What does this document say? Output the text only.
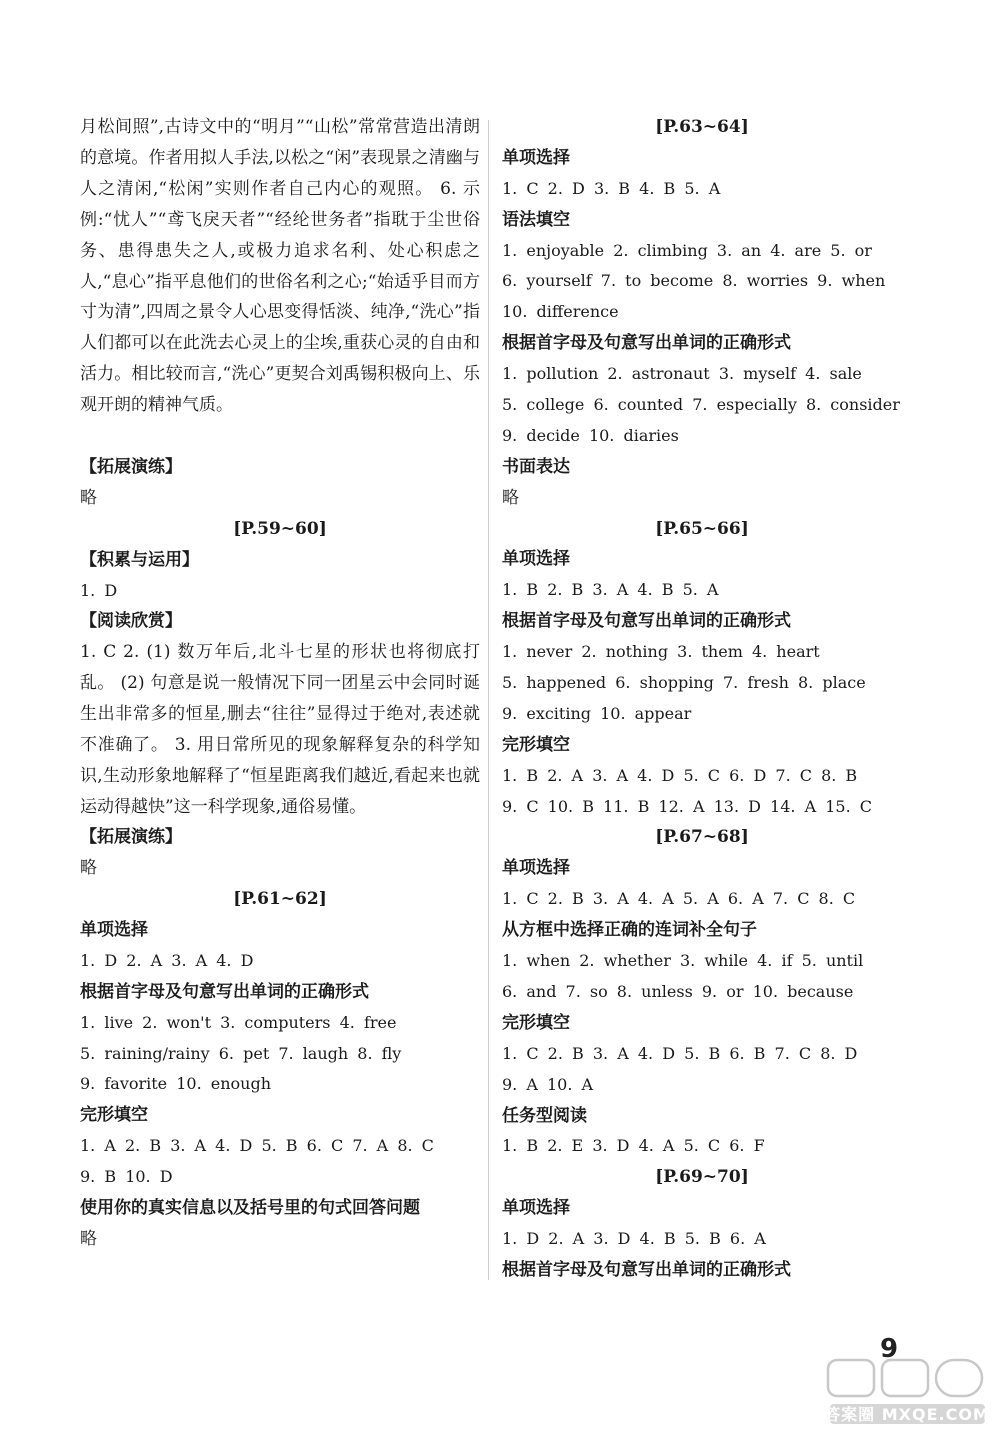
月松间照”,古诗文中的“明月”“山松”常常营造出清朗的意境。作者用拟人手法,以松之“闲”表现景之清幽与人之清闲,“松闲”实则作者自己内心的观照。 6. 示例:“忧人”“鸢飞戾天者”“经纶世务者”指耽于尘世俗务、患得患失之人,或极力追求名利、处心积虑之人,“息心”指平息他们的世俗名利之心;“始适乎目而方寸为清”,四周之景令人心思变得恬淡、纯净,“洗心”指人们都可以在此洗去心灵上的尘埃,重获心灵的自由和活力。相比较而言,“洗心”更契合刘禹锡积极向上、乐观开朗的精神气质。
【拓展演练】
略
[P.59~60]
【积累与运用】
1. D
【阅读欣赏】
1. C 2. (1) 数万年后,北斗七星的形状也将彻底打乱。 (2) 句意是说一般情况下同一团星云中会同时诞生出非常多的恒星,删去“往往”显得过于绝对,表述就不准确了。 3. 用日常所见的现象解释复杂的科学知识,生动形象地解释了“恒星距离我们越近,看起来也就运动得越快”这一科学现象,通俗易懂。
【拓展演练】
略
[P.61~62]
单项选择
1. D 2. A 3. A 4. D
根据首字母及句意写出单词的正确形式
1. live 2. won't 3. computers 4. free
5. raining/rainy 6. pet 7. laugh 8. fly
9. favorite 10. enough
完形填空
1. A 2. B 3. A 4. D 5. B 6. C 7. A 8. C
9. B 10. D
使用你的真实信息以及括号里的句式回答问题
略
[P.63~64]
单项选择
1. C 2. D 3. B 4. B 5. A
语法填空
1. enjoyable 2. climbing 3. an 4. are 5. or
6. yourself 7. to become 8. worries 9. when
10. difference
根据首字母及句意写出单词的正确形式
1. pollution 2. astronaut 3. myself 4. sale
5. college 6. counted 7. especially 8. consider
9. decide 10. diaries
书面表达
略
[P.65~66]
单项选择
1. B 2. B 3. A 4. B 5. A
根据首字母及句意写出单词的正确形式
1. never 2. nothing 3. them 4. heart
5. happened 6. shopping 7. fresh 8. place
9. exciting 10. appear
完形填空
1. B 2. A 3. A 4. D 5. C 6. D 7. C 8. B
9. C 10. B 11. B 12. A 13. D 14. A 15. C
[P.67~68]
单项选择
1. C 2. B 3. A 4. A 5. A 6. A 7. C 8. C
从方框中选择正确的连词补全句子
1. when 2. whether 3. while 4. if 5. until
6. and 7. so 8. unless 9. or 10. because
完形填空
1. C 2. B 3. A 4. D 5. B 6. B 7. C 8. D
9. A 10. A
任务型阅读
1. B 2. E 3. D 4. A 5. C 6. F
[P.69~70]
单项选择
1. D 2. A 3. D 4. B 5. B 6. A
根据首字母及句意写出单词的正确形式
9
答案圈 MXQE.COM
